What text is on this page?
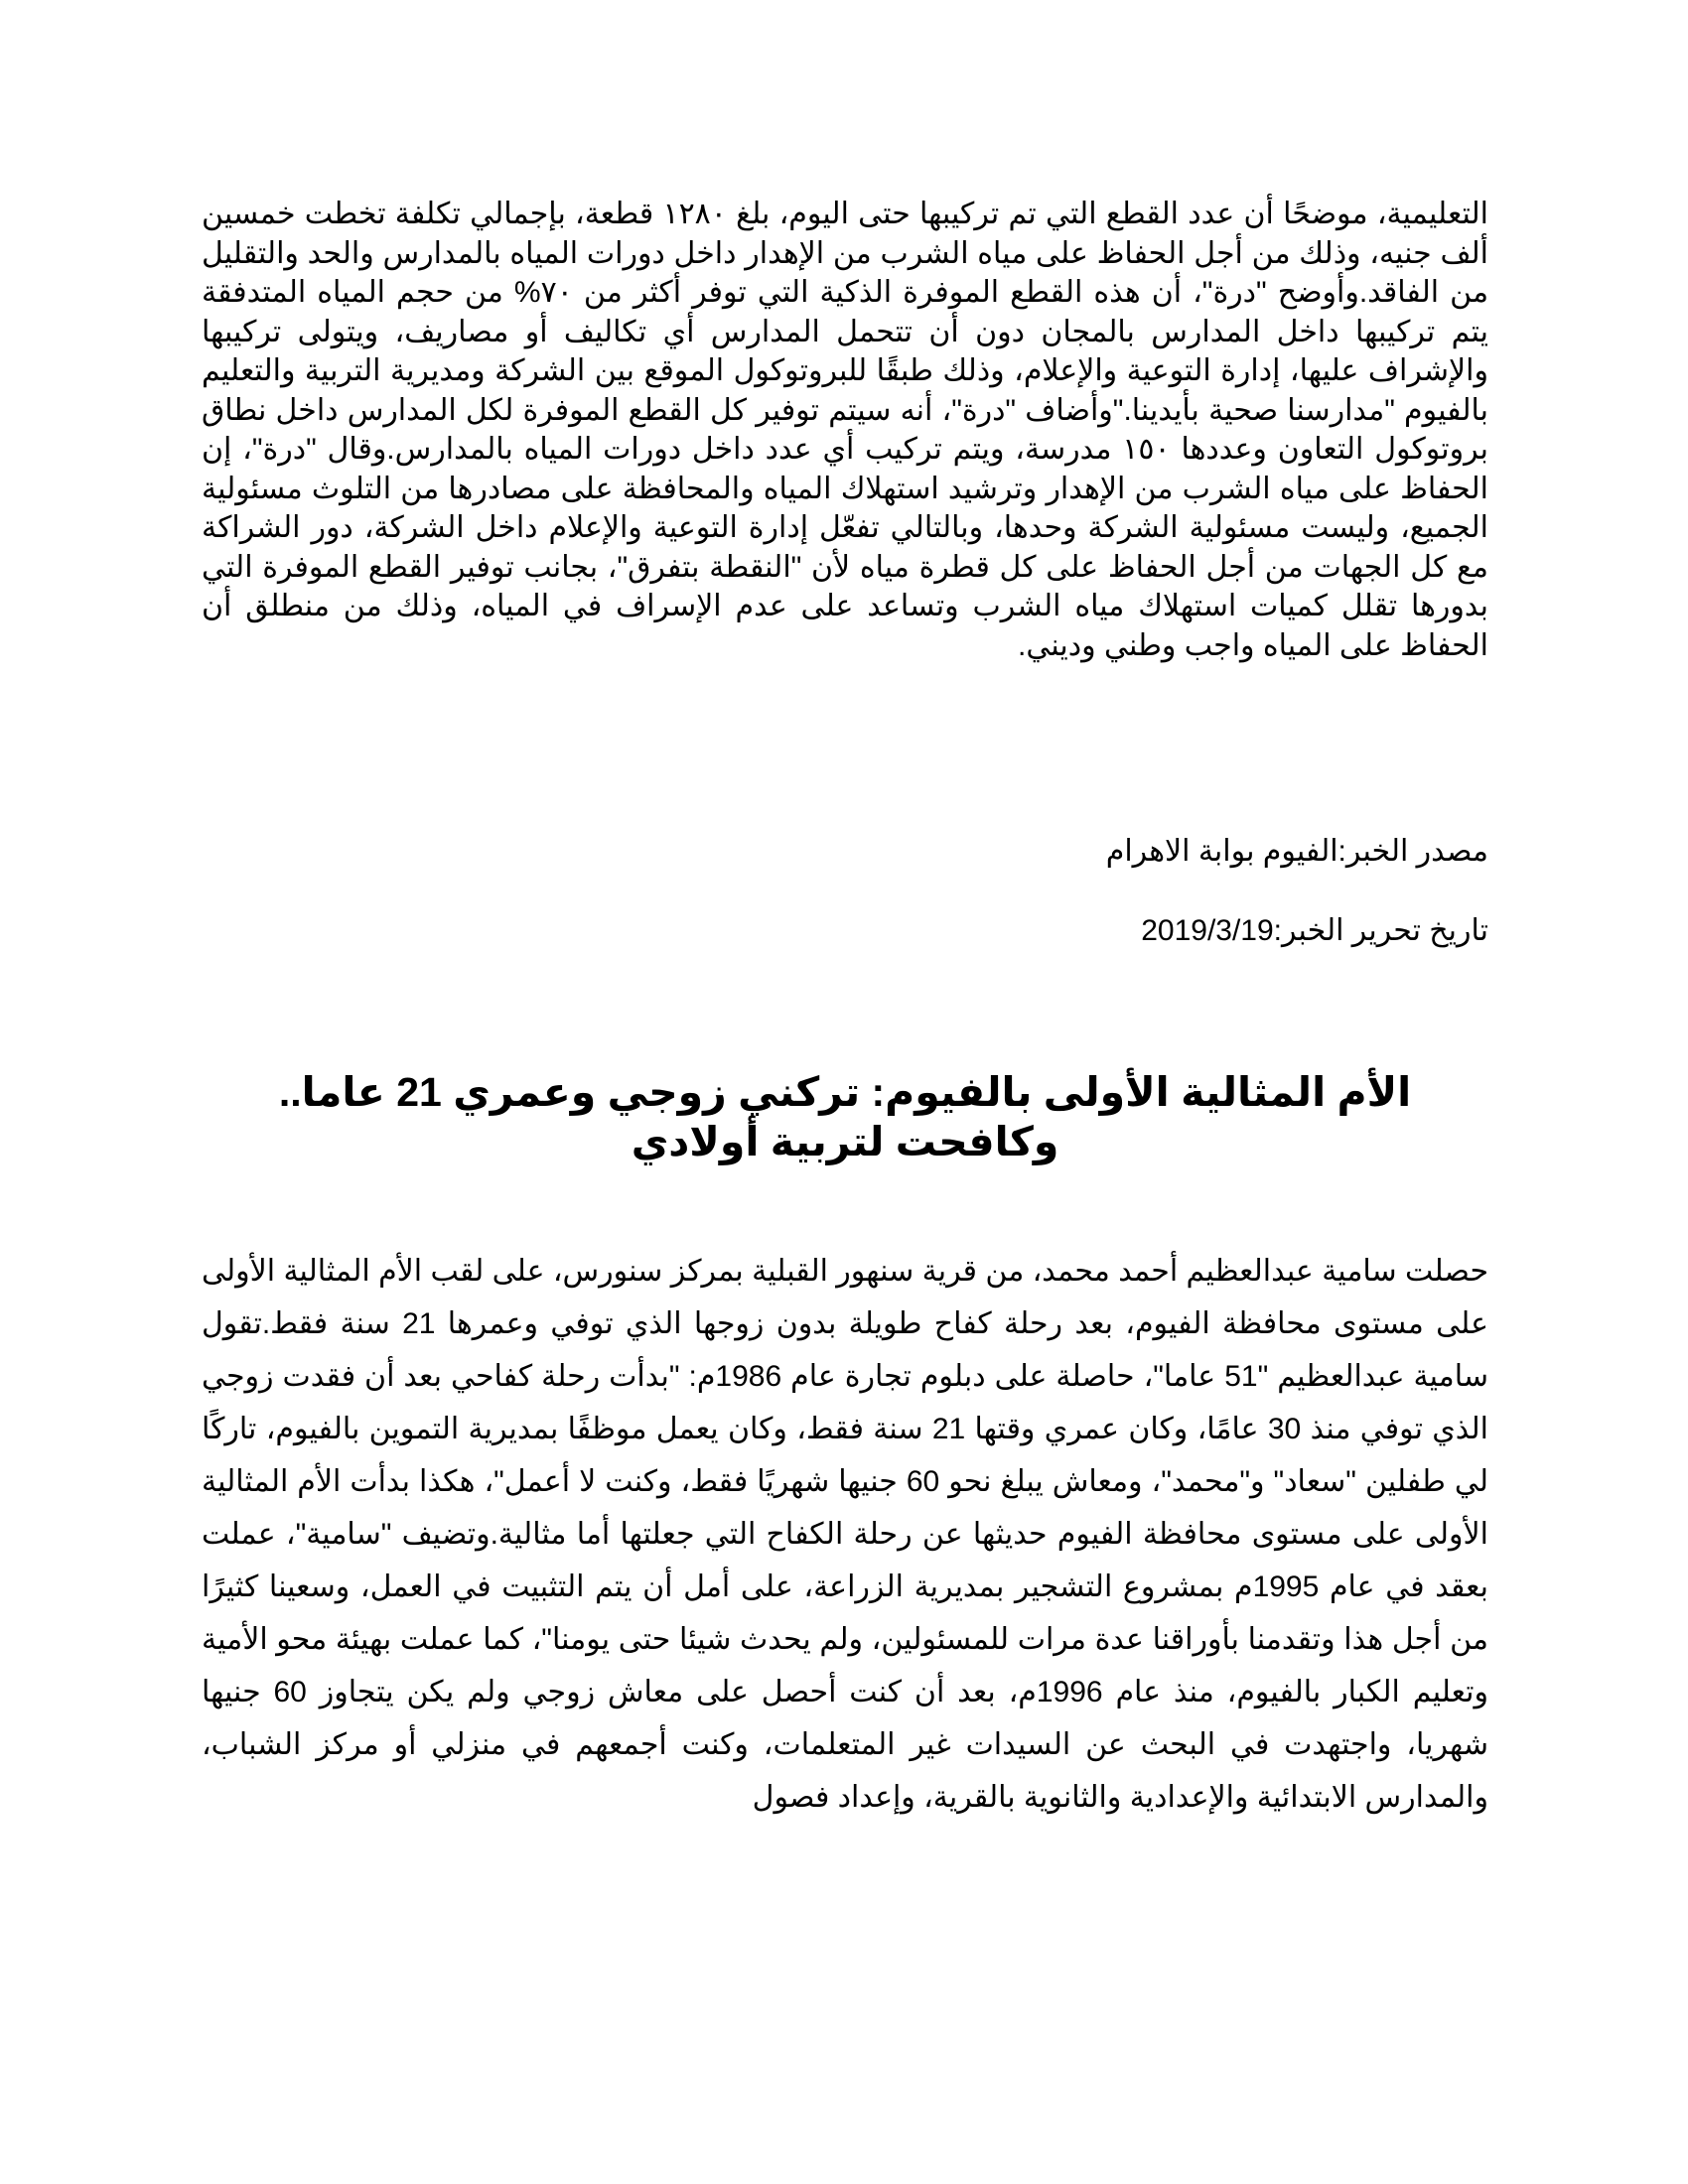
التعليمية، موضحًا أن عدد القطع التي تم تركيبها حتى اليوم، بلغ ١٢٨٠ قطعة، بإجمالي تكلفة تخطت خمسين ألف جنيه، وذلك من أجل الحفاظ على مياه الشرب من الإهدار داخل دورات المياه بالمدارس والحد والتقليل من الفاقد.وأوضح "درة"، أن هذه القطع الموفرة الذكية التي توفر أكثر من ٧٠% من حجم المياه المتدفقة يتم تركيبها داخل المدارس بالمجان دون أن تتحمل المدارس أي تكاليف أو مصاريف، ويتولى تركيبها والإشراف عليها، إدارة التوعية والإعلام، وذلك طبقًا للبروتوكول الموقع بين الشركة ومديرية التربية والتعليم بالفيوم "مدارسنا صحية بأيدينا."وأضاف "درة"، أنه سيتم توفير كل القطع الموفرة لكل المدارس داخل نطاق بروتوكول التعاون وعددها ١٥٠ مدرسة، ويتم تركيب أي عدد داخل دورات المياه بالمدارس.وقال "درة"، إن الحفاظ على مياه الشرب من الإهدار وترشيد استهلاك المياه والمحافظة على مصادرها من التلوث مسئولية الجميع، وليست مسئولية الشركة وحدها، وبالتالي تفعّل إدارة التوعية والإعلام داخل الشركة، دور الشراكة مع كل الجهات من أجل الحفاظ على كل قطرة مياه لأن "النقطة بتفرق"، بجانب توفير القطع الموفرة التي بدورها تقلل كميات استهلاك مياه الشرب وتساعد على عدم الإسراف في المياه، وذلك من منطلق أن الحفاظ على المياه واجب وطني وديني.

مصدر الخبر:الفيوم بوابة الاهرام

تاريخ تحرير الخبر:2019/3/19

الأم المثالية الأولى بالفيوم: تركني زوجي وعمري 21 عاما.. وكافحت لتربية أولادي

حصلت سامية عبدالعظيم أحمد محمد، من قرية سنهور القبلية بمركز سنورس، على لقب الأم المثالية الأولى على مستوى محافظة الفيوم، بعد رحلة كفاح طويلة بدون زوجها الذي توفي وعمرها 21 سنة فقط.تقول سامية عبدالعظيم "51 عاما"، حاصلة على دبلوم تجارة عام 1986م: "بدأت رحلة كفاحي بعد أن فقدت زوجي الذي توفي منذ 30 عامًا، وكان عمري وقتها 21 سنة فقط، وكان يعمل موظفًا بمديرية التموين بالفيوم، تاركًا لي طفلين "سعاد" و"محمد"، ومعاش يبلغ نحو 60 جنيها شهريًا فقط، وكنت لا أعمل"، هكذا بدأت الأم المثالية الأولى على مستوى محافظة الفيوم حديثها عن رحلة الكفاح التي جعلتها أما مثالية.وتضيف "سامية"، عملت بعقد في عام 1995م بمشروع التشجير بمديرية الزراعة، على أمل أن يتم التثبيت في العمل، وسعينا كثيرًا من أجل هذا وتقدمنا بأوراقنا عدة مرات للمسئولين، ولم يحدث شيئا حتى يومنا"، كما عملت بهيئة محو الأمية وتعليم الكبار بالفيوم، منذ عام 1996م، بعد أن كنت أحصل على معاش زوجي ولم يكن يتجاوز 60 جنيها شهريا، واجتهدت في البحث عن السيدات غير المتعلمات، وكنت أجمعهم في منزلي أو مركز الشباب، والمدارس الابتدائية والإعدادية والثانوية بالقرية، وإعداد فصول
